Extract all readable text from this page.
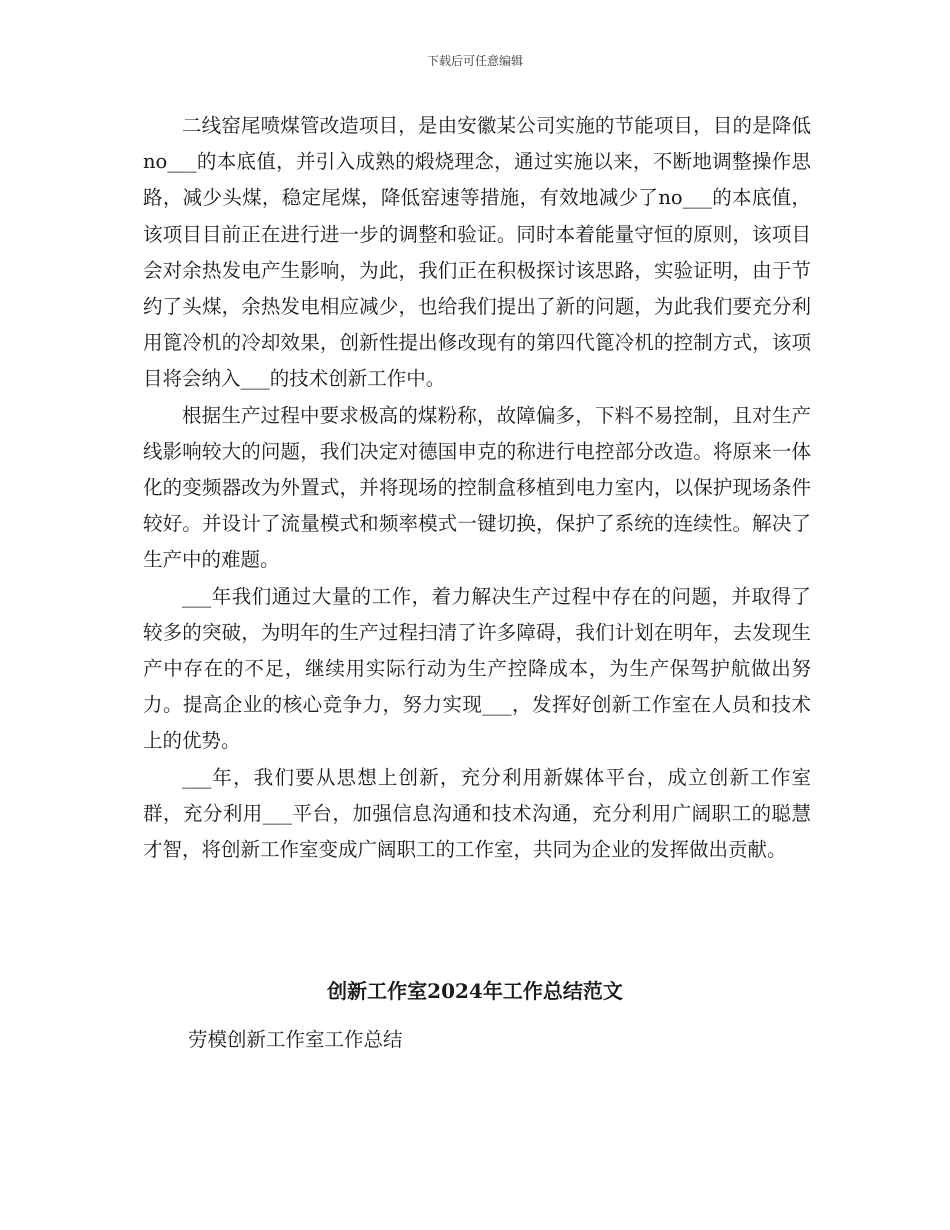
下载后可任意编辑

二线窑尾喷煤管改造项目，是由安徽某公司实施的节能项目，目的是降低no___的本底值，并引入成熟的煅烧理念，通过实施以来，不断地调整操作思路，减少头煤，稳定尾煤，降低窑速等措施，有效地减少了no___的本底值，该项目目前正在进行进一步的调整和验证。同时本着能量守恒的原则，该项目会对余热发电产生影响，为此，我们正在积极探讨该思路，实验证明，由于节约了头煤，余热发电相应减少，也给我们提出了新的问题，为此我们要充分利用篦冷机的冷却效果，创新性提出修改现有的第四代篦冷机的控制方式，该项目将会纳入___的技术创新工作中。

根据生产过程中要求极高的煤粉称，故障偏多，下料不易控制，且对生产线影响较大的问题，我们决定对德国申克的称进行电控部分改造。将原来一体化的变频器改为外置式，并将现场的控制盒移植到电力室内，以保护现场条件较好。并设计了流量模式和频率模式一键切换，保护了系统的连续性。解决了生产中的难题。

___年我们通过大量的工作，着力解决生产过程中存在的问题，并取得了较多的突破，为明年的生产过程扫清了许多障碍，我们计划在明年，去发现生产中存在的不足，继续用实际行动为生产控降成本，为生产保驾护航做出努力。提高企业的核心竞争力，努力实现___，发挥好创新工作室在人员和技术上的优势。

___年，我们要从思想上创新，充分利用新媒体平台，成立创新工作室群，充分利用___平台，加强信息沟通和技术沟通，充分利用广阔职工的聪慧才智，将创新工作室变成广阔职工的工作室，共同为企业的发挥做出贡献。

创新工作室2024年工作总结范文
劳模创新工作室工作总结
